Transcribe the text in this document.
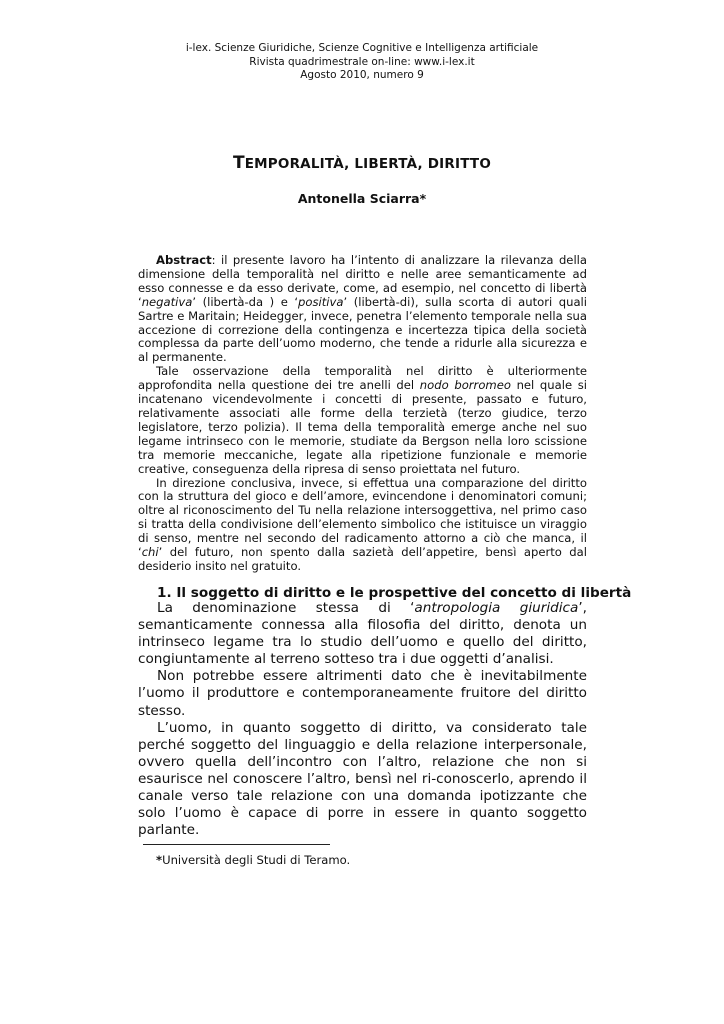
i-lex. Scienze Giuridiche, Scienze Cognitive e Intelligenza artificiale
Rivista quadrimestrale on-line: www.i-lex.it
Agosto 2010, numero 9
TEMPORALITÀ, LIBERTÀ, DIRITTO
Antonella Sciarra*

Abstract: il presente lavoro ha l’intento di analizzare la rilevanza della dimensione della temporalità nel diritto e nelle aree semanticamente ad esso connesse e da esso derivate, come, ad esempio, nel concetto di libertà ‘negativa’ (libertà-da ) e ‘positiva’ (libertà-di), sulla scorta di autori quali Sartre e Maritain; Heidegger, invece, penetra l’elemento temporale nella sua accezione di correzione della contingenza e incertezza tipica della società complessa da parte dell’uomo moderno, che tende a ridurle alla sicurezza e al permanente.

Tale osservazione della temporalità nel diritto è ulteriormente approfondita nella questione dei tre anelli del nodo borromeo nel quale si incatenano vicendevolmente i concetti di presente, passato e futuro, relativamente associati alle forme della terzietà (terzo giudice, terzo legislatore, terzo polizia). Il tema della temporalità emerge anche nel suo legame intrinseco con le memorie, studiate da Bergson nella loro scissione tra memorie meccaniche, legate alla ripetizione funzionale e memorie creative, conseguenza della ripresa di senso proiettata nel futuro.

In direzione conclusiva, invece, si effettua una comparazione del diritto con la struttura del gioco e dell’amore, evincendone i denominatori comuni; oltre al riconoscimento del Tu nella relazione intersoggettiva, nel primo caso si tratta della condivisione dell’elemento simbolico che istituisce un viraggio di senso, mentre nel secondo del radicamento attorno a ciò che manca, il ‘chi’ del futuro, non spento dalla sazietà dell’appetire, bensì aperto dal desiderio insito nel gratuito.

1. Il soggetto di diritto e le prospettive del concetto di libertà

La denominazione stessa di ‘antropologia giuridica’, semanticamente connessa alla filosofia del diritto, denota un intrinseco legame tra lo studio dell’uomo e quello del diritto, congiuntamente al terreno sotteso tra i due oggetti d’analisi.

Non potrebbe essere altrimenti dato che è inevitabilmente l’uomo il produttore e contemporaneamente fruitore del diritto stesso.

L’uomo, in quanto soggetto di diritto, va considerato tale perché soggetto del linguaggio e della relazione interpersonale, ovvero quella dell’incontro con l’altro, relazione che non si esaurisce nel conoscere l’altro, bensì nel ri-conoscerlo, aprendo il canale verso tale relazione con una domanda ipotizzante che solo l’uomo è capace di porre in essere in quanto soggetto parlante.

*Università degli Studi di Teramo.
